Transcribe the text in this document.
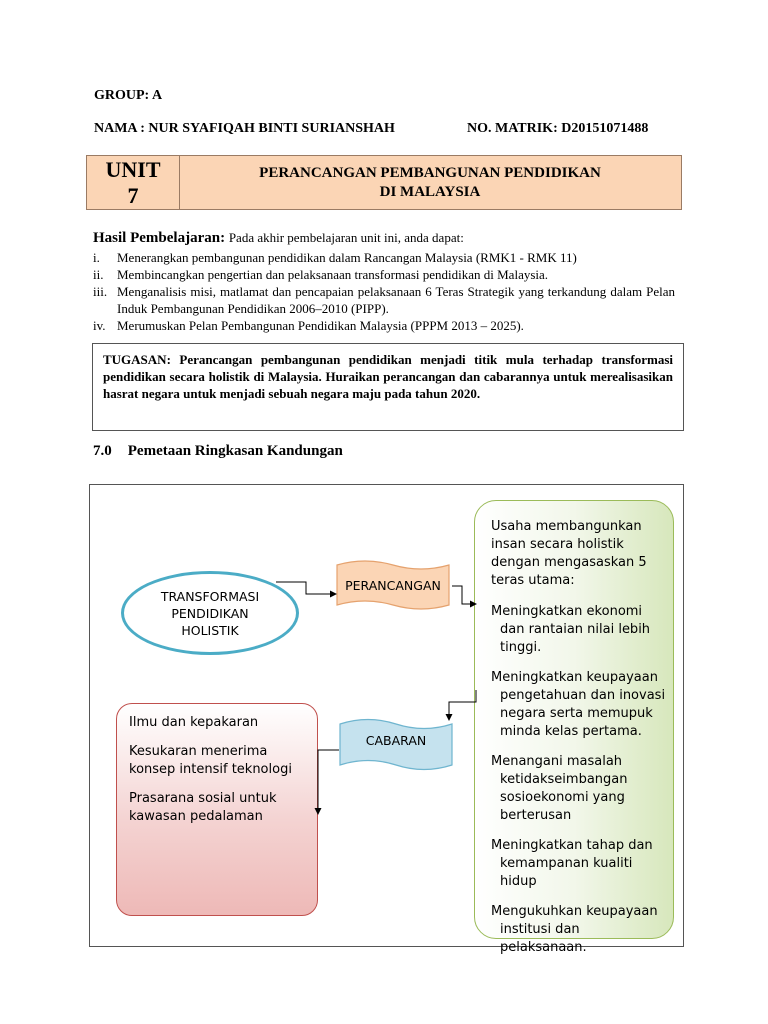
GROUP: A
NAMA : NUR SYAFIQAH BINTI SURIANSHAH	NO. MATRIK: D20151071488
UNIT
7
PERANCANGAN PEMBANGUNAN PENDIDIKAN
DI MALAYSIA
Hasil Pembelajaran: Pada akhir pembelajaran unit ini, anda dapat:
i. Menerangkan pembangunan pendidikan dalam Rancangan Malaysia (RMK1 - RMK 11)
ii. Membincangkan pengertian dan pelaksanaan transformasi pendidikan di Malaysia.
iii. Menganalisis misi, matlamat dan pencapaian pelaksanaan 6 Teras Strategik yang terkandung dalam Pelan Induk Pembangunan Pendidikan 2006–2010 (PIPP).
iv. Merumuskan Pelan Pembangunan Pendidikan Malaysia (PPPM 2013 – 2025).
TUGASAN: Perancangan pembangunan pendidikan menjadi titik mula terhadap transformasi pendidikan secara holistik di Malaysia. Huraikan perancangan dan cabarannya untuk merealisasikan hasrat negara untuk menjadi sebuah negara maju pada tahun 2020.
7.0 Pemetaan Ringkasan Kandungan

Ilmu dan kepakaran

Kesukaran menerima konsep intensif teknologi

Prasarana sosial untuk kawasan pedalaman

TRANSFORMASI PENDIDIKAN HOLISTIK
PERANCANGAN
CABARAN

Usaha membangunkan insan secara holistik dengan mengasaskan 5 teras utama:

Meningkatkan ekonomi dan rantaian nilai lebih tinggi.

Meningkatkan keupayaan pengetahuan dan inovasi negara serta memupuk minda kelas pertama.

Menangani masalah ketidakseimbangan sosioekonomi yang berterusan

Meningkatkan tahap dan kemampanan kualiti hidup

Mengukuhkan keupayaan institusi dan pelaksanaan.
